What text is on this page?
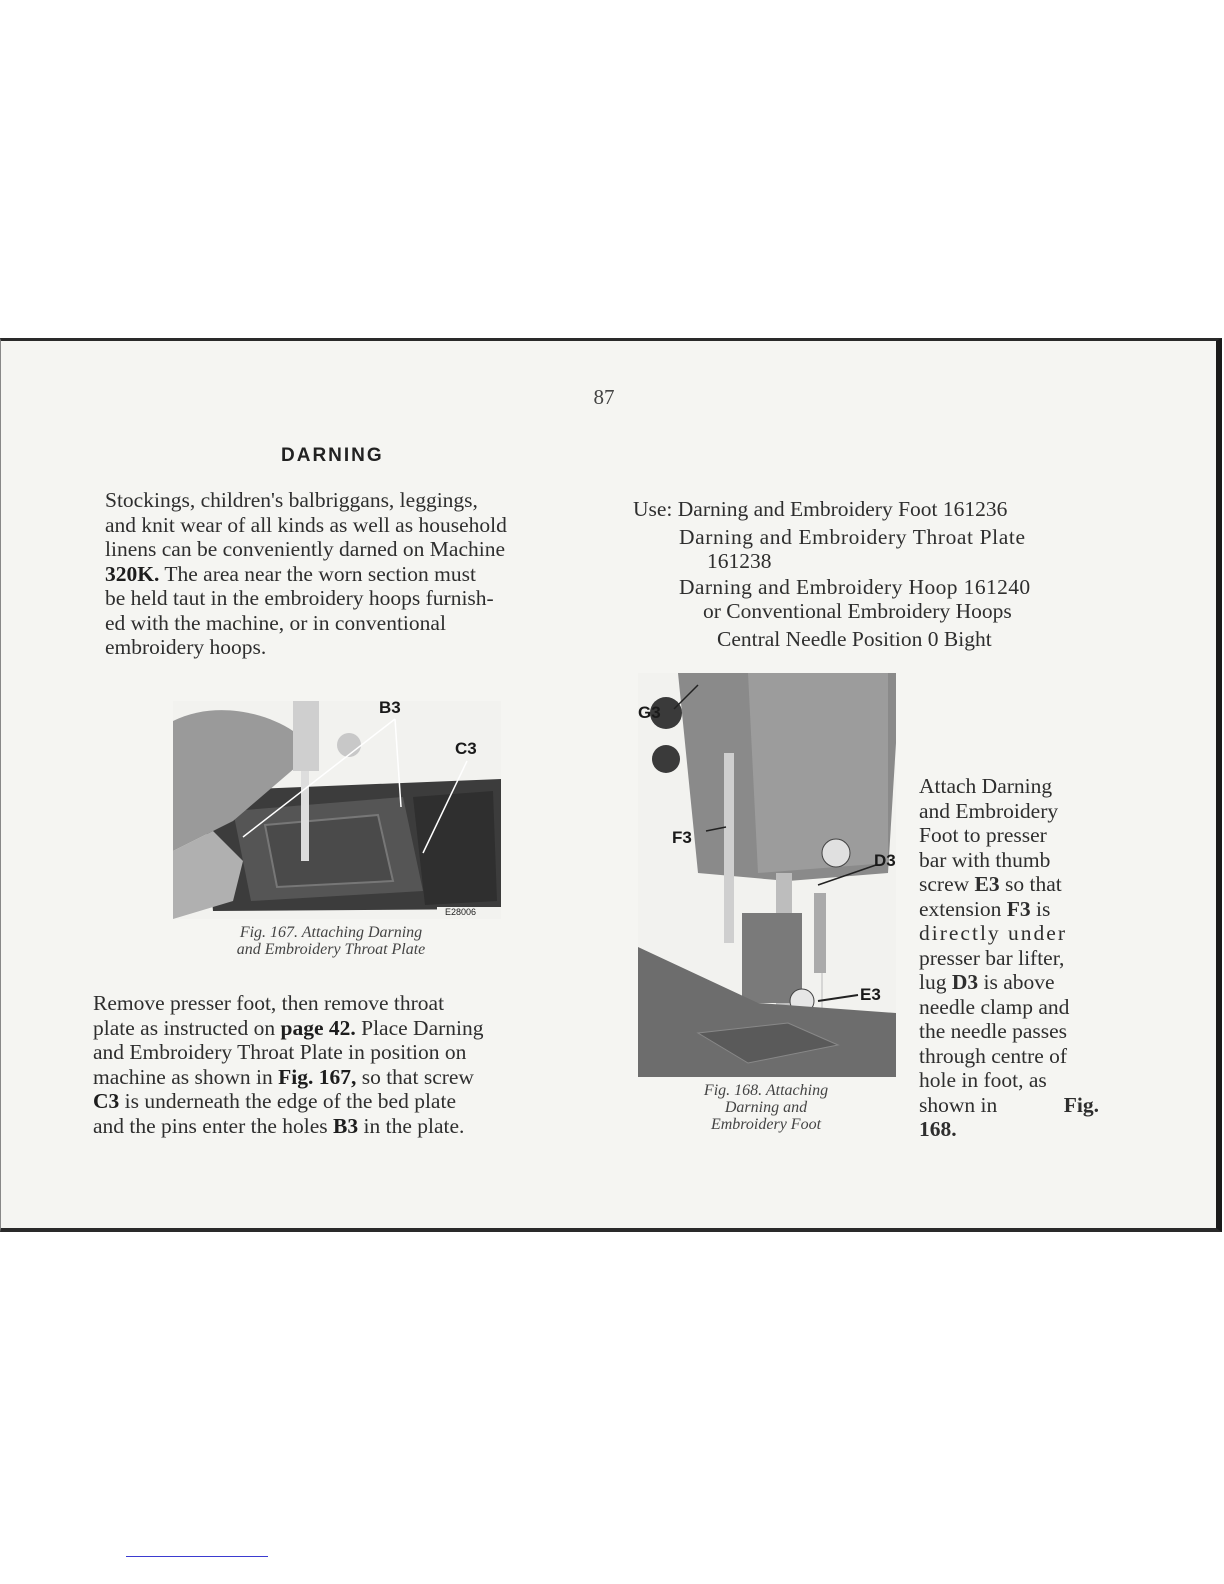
87
DARNING
Stockings, children's balbriggans, leggings,
and knit wear of all kinds as well as household
linens can be conveniently darned on Machine
320K. The area near the worn section must
be held taut in the embroidery hoops furnish-
ed with the machine, or in conventional
embroidery hoops.
Use: Darning and Embroidery Foot 161236
Darning and Embroidery Throat Plate
161238
Darning and Embroidery Hoop 161240
or Conventional Embroidery Hoops
Central Needle Position 0 Bight
B3
C3
E28006
Fig. 167. Attaching Darning
and Embroidery Throat Plate
Remove presser foot, then remove throat
plate as instructed on page 42. Place Darning
and Embroidery Throat Plate in position on
machine as shown in Fig. 167, so that screw
C3 is underneath the edge of the bed plate
and the pins enter the holes B3 in the plate.
G3
F3
D3
E3
Fig. 168. Attaching
Darning and
Embroidery Foot
Attach Darning
and Embroidery
Foot to presser
bar with thumb
screw E3 so that
extension F3 is
directly under
presser bar lifter,
lug D3 is above
needle clamp and
the needle passes
through centre of
hole in foot, as
shown in	Fig.
168.
